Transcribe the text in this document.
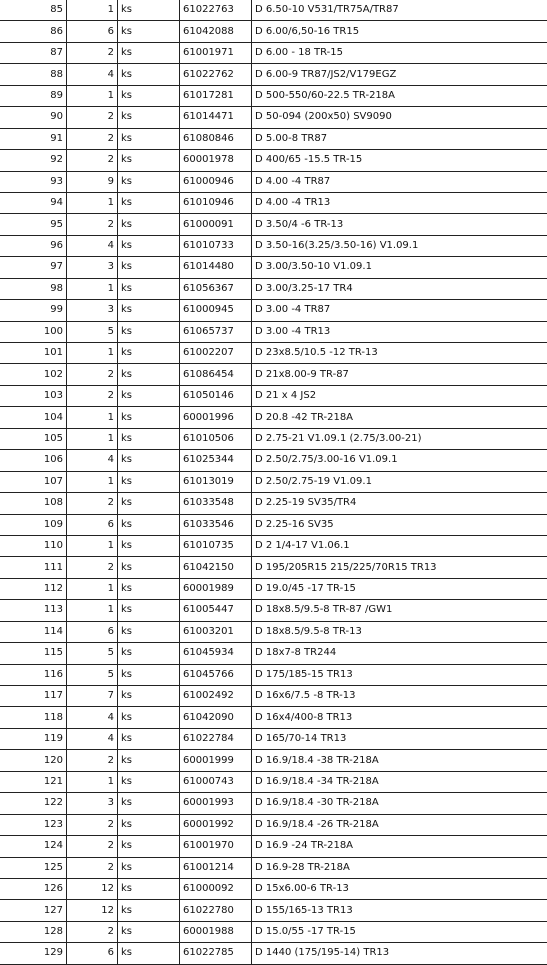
85	1	ks	61022763	D 6.50-10 V531/TR75A/TR87
86	6	ks	61042088	D 6.00/6,50-16 TR15
87	2	ks	61001971	D 6.00 - 18 TR-15
88	4	ks	61022762	D 6.00-9 TR87/JS2/V179EGZ
89	1	ks	61017281	D 500-550/60-22.5 TR-218A
90	2	ks	61014471	D 50-094 (200x50) SV9090
91	2	ks	61080846	D 5.00-8 TR87
92	2	ks	60001978	D 400/65 -15.5 TR-15
93	9	ks	61000946	D 4.00 -4 TR87
94	1	ks	61010946	D 4.00 -4 TR13
95	2	ks	61000091	D 3.50/4 -6 TR-13
96	4	ks	61010733	D 3.50-16(3.25/3.50-16) V1.09.1
97	3	ks	61014480	D 3.00/3.50-10 V1.09.1
98	1	ks	61056367	D 3.00/3.25-17 TR4
99	3	ks	61000945	D 3.00 -4 TR87
100	5	ks	61065737	D 3.00 -4 TR13
101	1	ks	61002207	D 23x8.5/10.5 -12 TR-13
102	2	ks	61086454	D 21x8.00-9 TR-87
103	2	ks	61050146	D 21 x 4 JS2
104	1	ks	60001996	D 20.8 -42 TR-218A
105	1	ks	61010506	D 2.75-21 V1.09.1 (2.75/3.00-21)
106	4	ks	61025344	D 2.50/2.75/3.00-16 V1.09.1
107	1	ks	61013019	D 2.50/2.75-19 V1.09.1
108	2	ks	61033548	D 2.25-19 SV35/TR4
109	6	ks	61033546	D 2.25-16 SV35
110	1	ks	61010735	D 2 1/4-17 V1.06.1
111	2	ks	61042150	D 195/205R15 215/225/70R15 TR13
112	1	ks	60001989	D 19.0/45 -17 TR-15
113	1	ks	61005447	D 18x8.5/9.5-8 TR-87 /GW1
114	6	ks	61003201	D 18x8.5/9.5-8 TR-13
115	5	ks	61045934	D 18x7-8 TR244
116	5	ks	61045766	D 175/185-15 TR13
117	7	ks	61002492	D 16x6/7.5 -8 TR-13
118	4	ks	61042090	D 16x4/400-8 TR13
119	4	ks	61022784	D 165/70-14 TR13
120	2	ks	60001999	D 16.9/18.4 -38 TR-218A
121	1	ks	61000743	D 16.9/18.4 -34 TR-218A
122	3	ks	60001993	D 16.9/18.4 -30 TR-218A
123	2	ks	60001992	D 16.9/18.4 -26 TR-218A
124	2	ks	61001970	D 16.9 -24 TR-218A
125	2	ks	61001214	D 16.9-28 TR-218A
126	12	ks	61000092	D 15x6.00-6 TR-13
127	12	ks	61022780	D 155/165-13 TR13
128	2	ks	60001988	D 15.0/55 -17 TR-15
129	6	ks	61022785	D 1440 (175/195-14) TR13
